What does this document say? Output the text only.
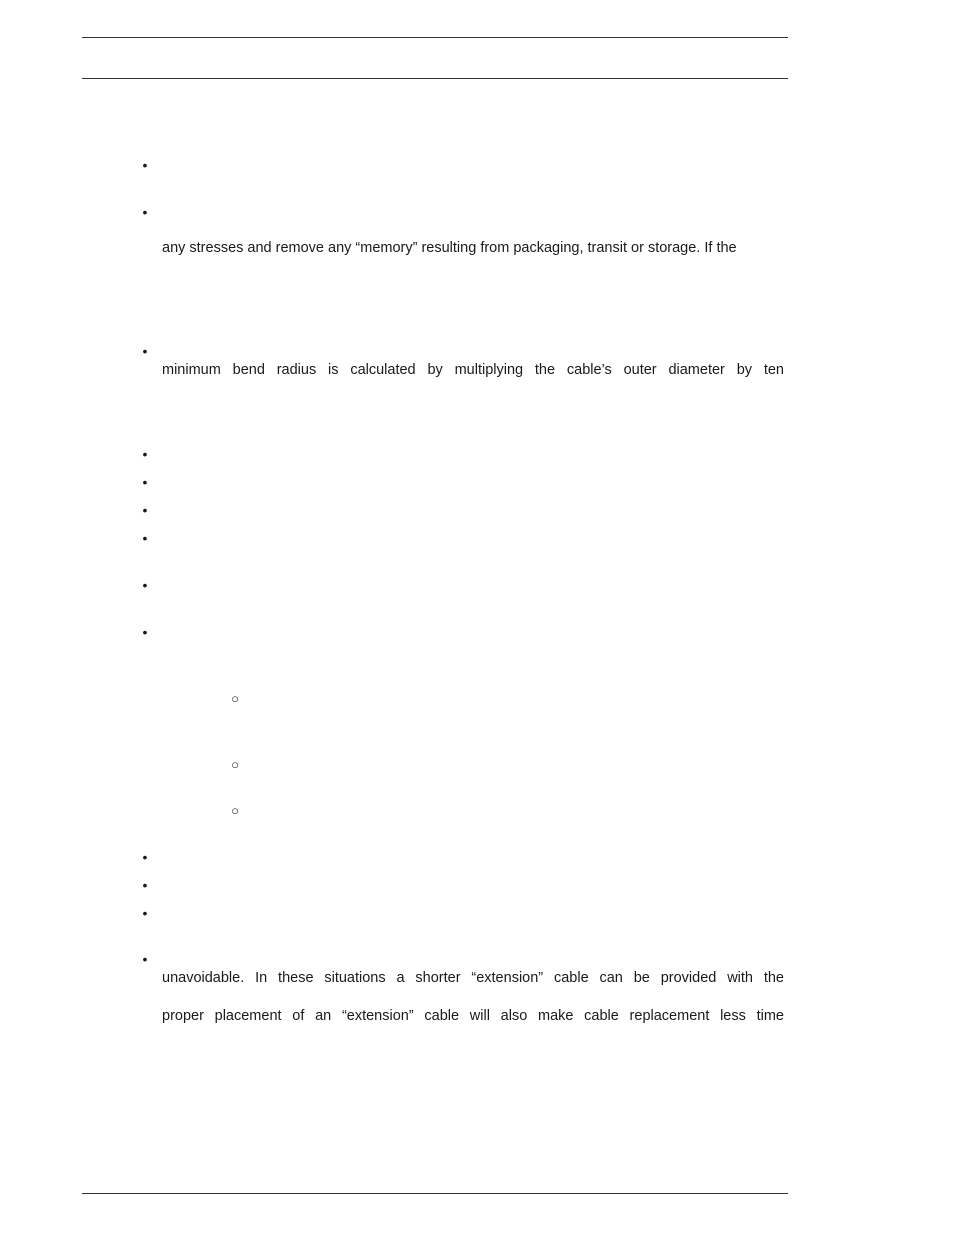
•
•
any stresses and remove any “memory” resulting from packaging, transit or storage. If the
•
minimum bend radius is calculated by multiplying the cable’s outer diameter by ten
•
•
•
•
•
•
○
○
○
•
•
•
•
unavoidable. In these situations a shorter “extension” cable can be provided with the
proper placement of an “extension” cable will also make cable replacement less time
